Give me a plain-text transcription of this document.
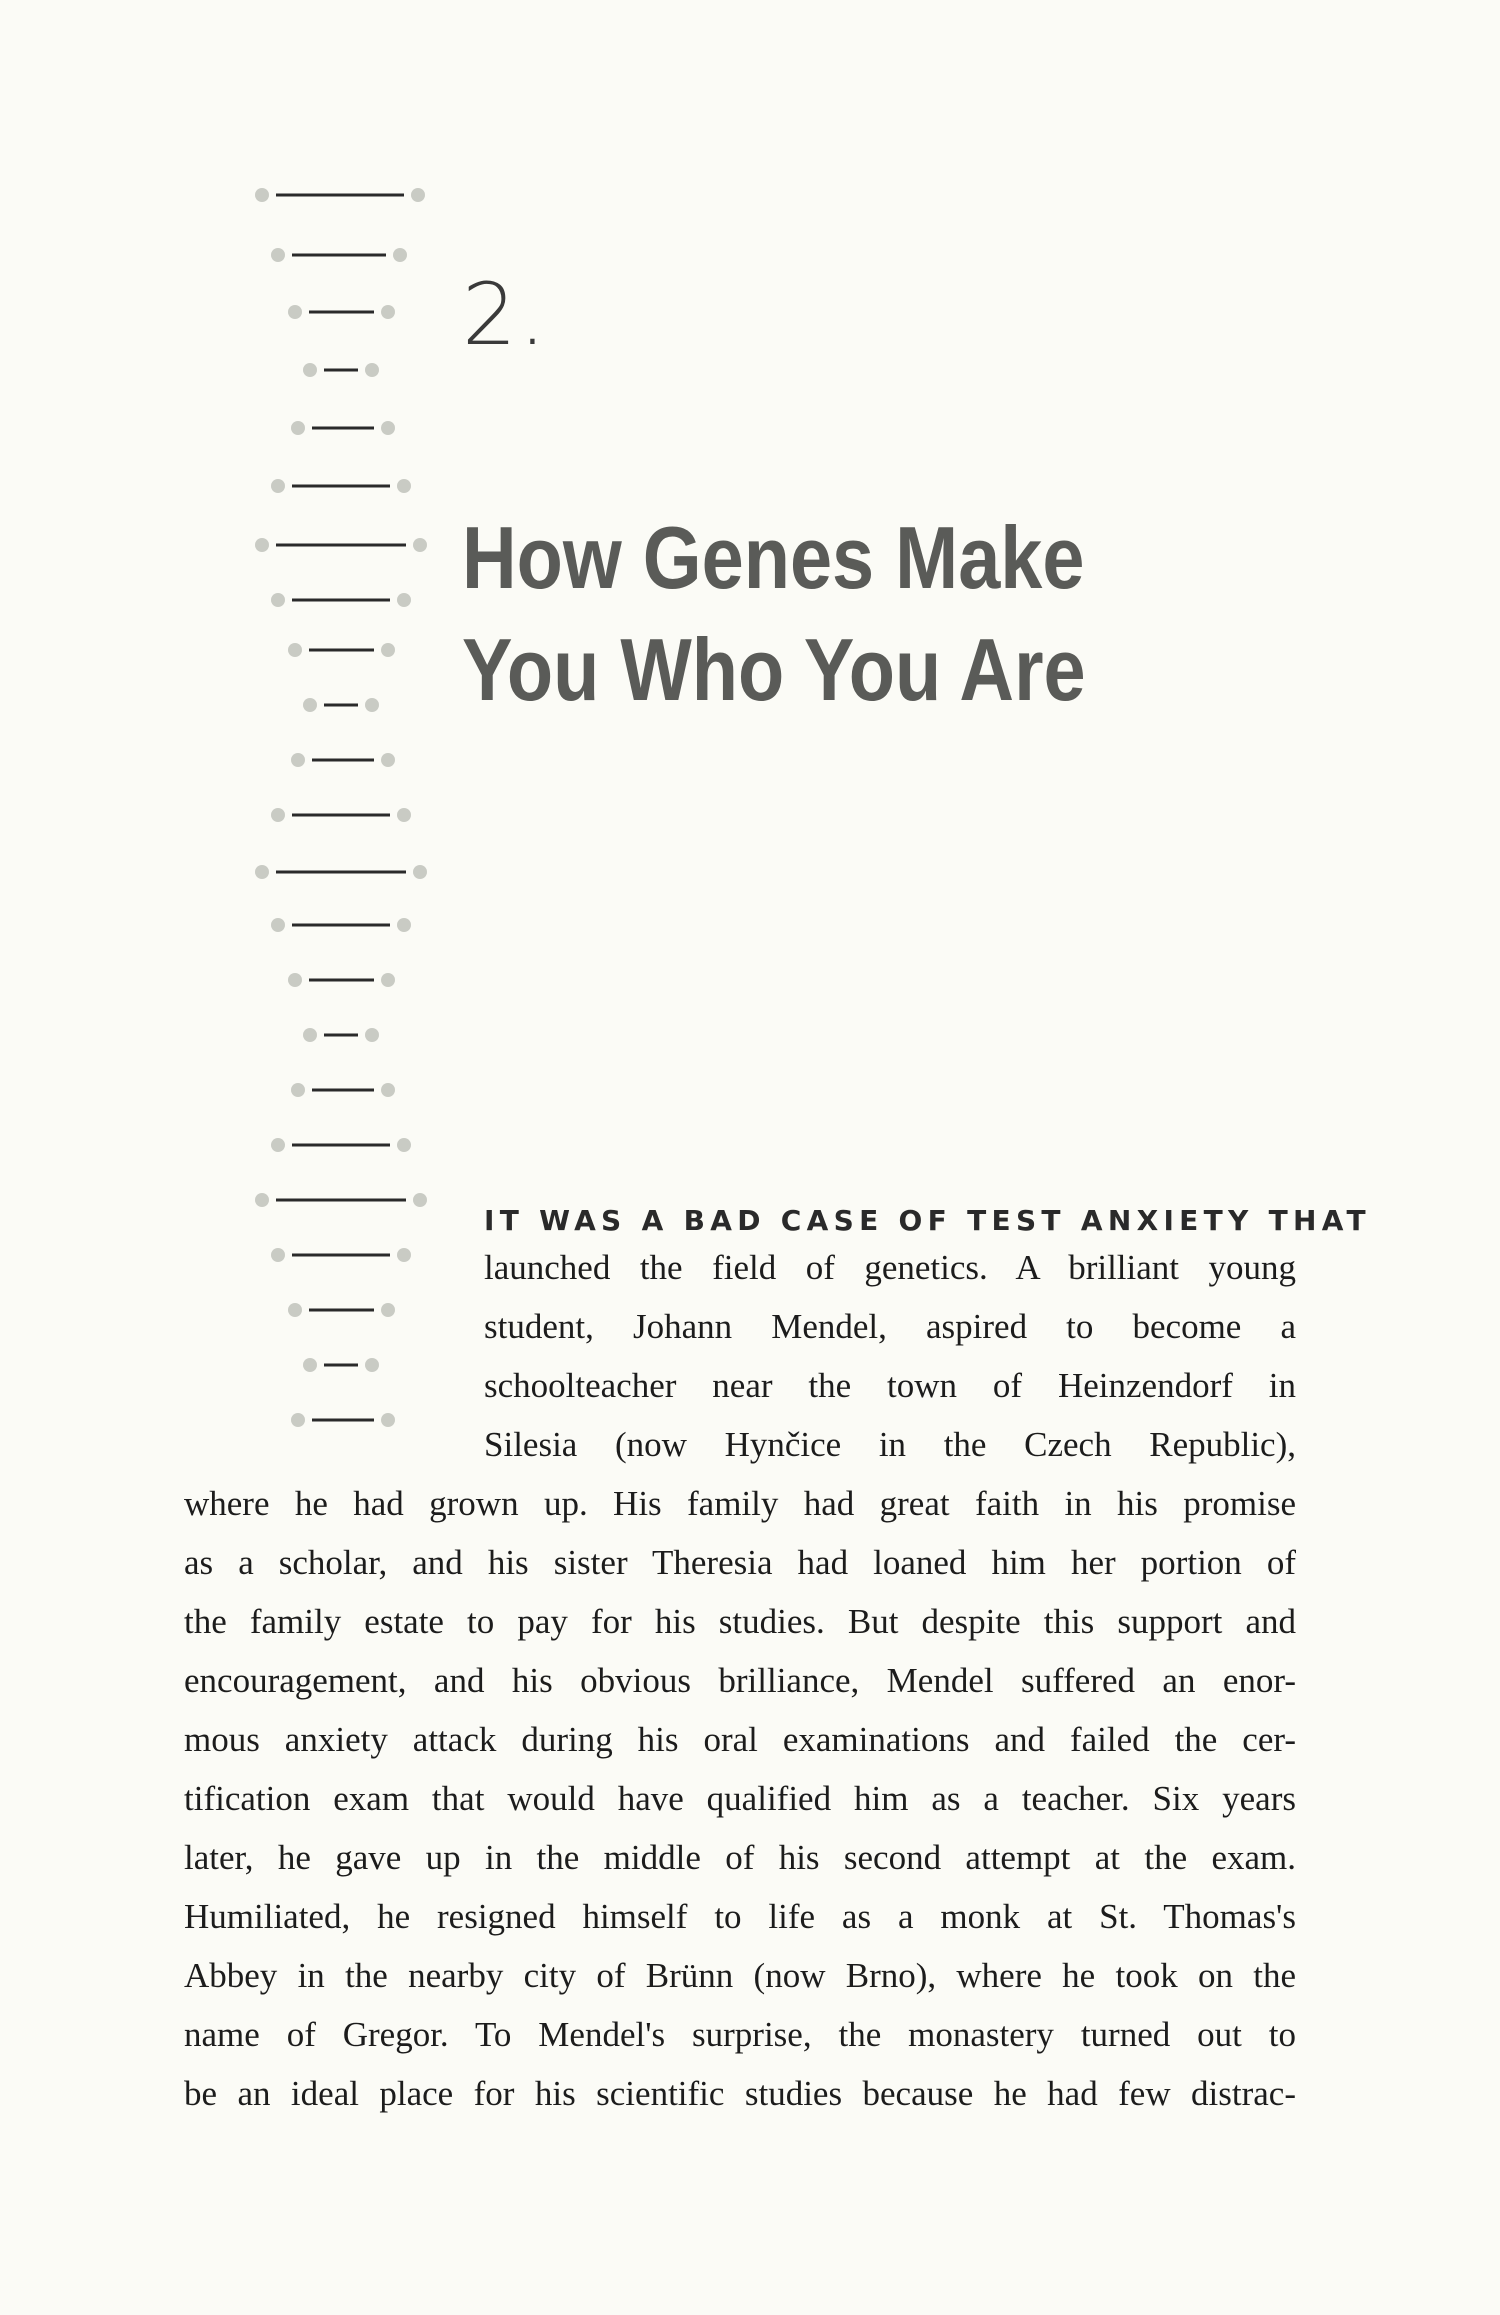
2.
How Genes Make
You Who You Are
IT WAS A BAD CASE OF TEST ANXIETY THAT
launched the field of genetics. A brilliant young
student, Johann Mendel, aspired to become a
schoolteacher near the town of Heinzendorf in
Silesia (now Hynčice in the Czech Republic),
where he had grown up. His family had great faith in his promise
as a scholar, and his sister Theresia had loaned him her portion of
the family estate to pay for his studies. But despite this support and
encouragement, and his obvious brilliance, Mendel suffered an enor-
mous anxiety attack during his oral examinations and failed the cer-
tification exam that would have qualified him as a teacher. Six years
later, he gave up in the middle of his second attempt at the exam.
Humiliated, he resigned himself to life as a monk at St. Thomas's
Abbey in the nearby city of Brünn (now Brno), where he took on the
name of Gregor. To Mendel's surprise, the monastery turned out to
be an ideal place for his scientific studies because he had few distrac-
